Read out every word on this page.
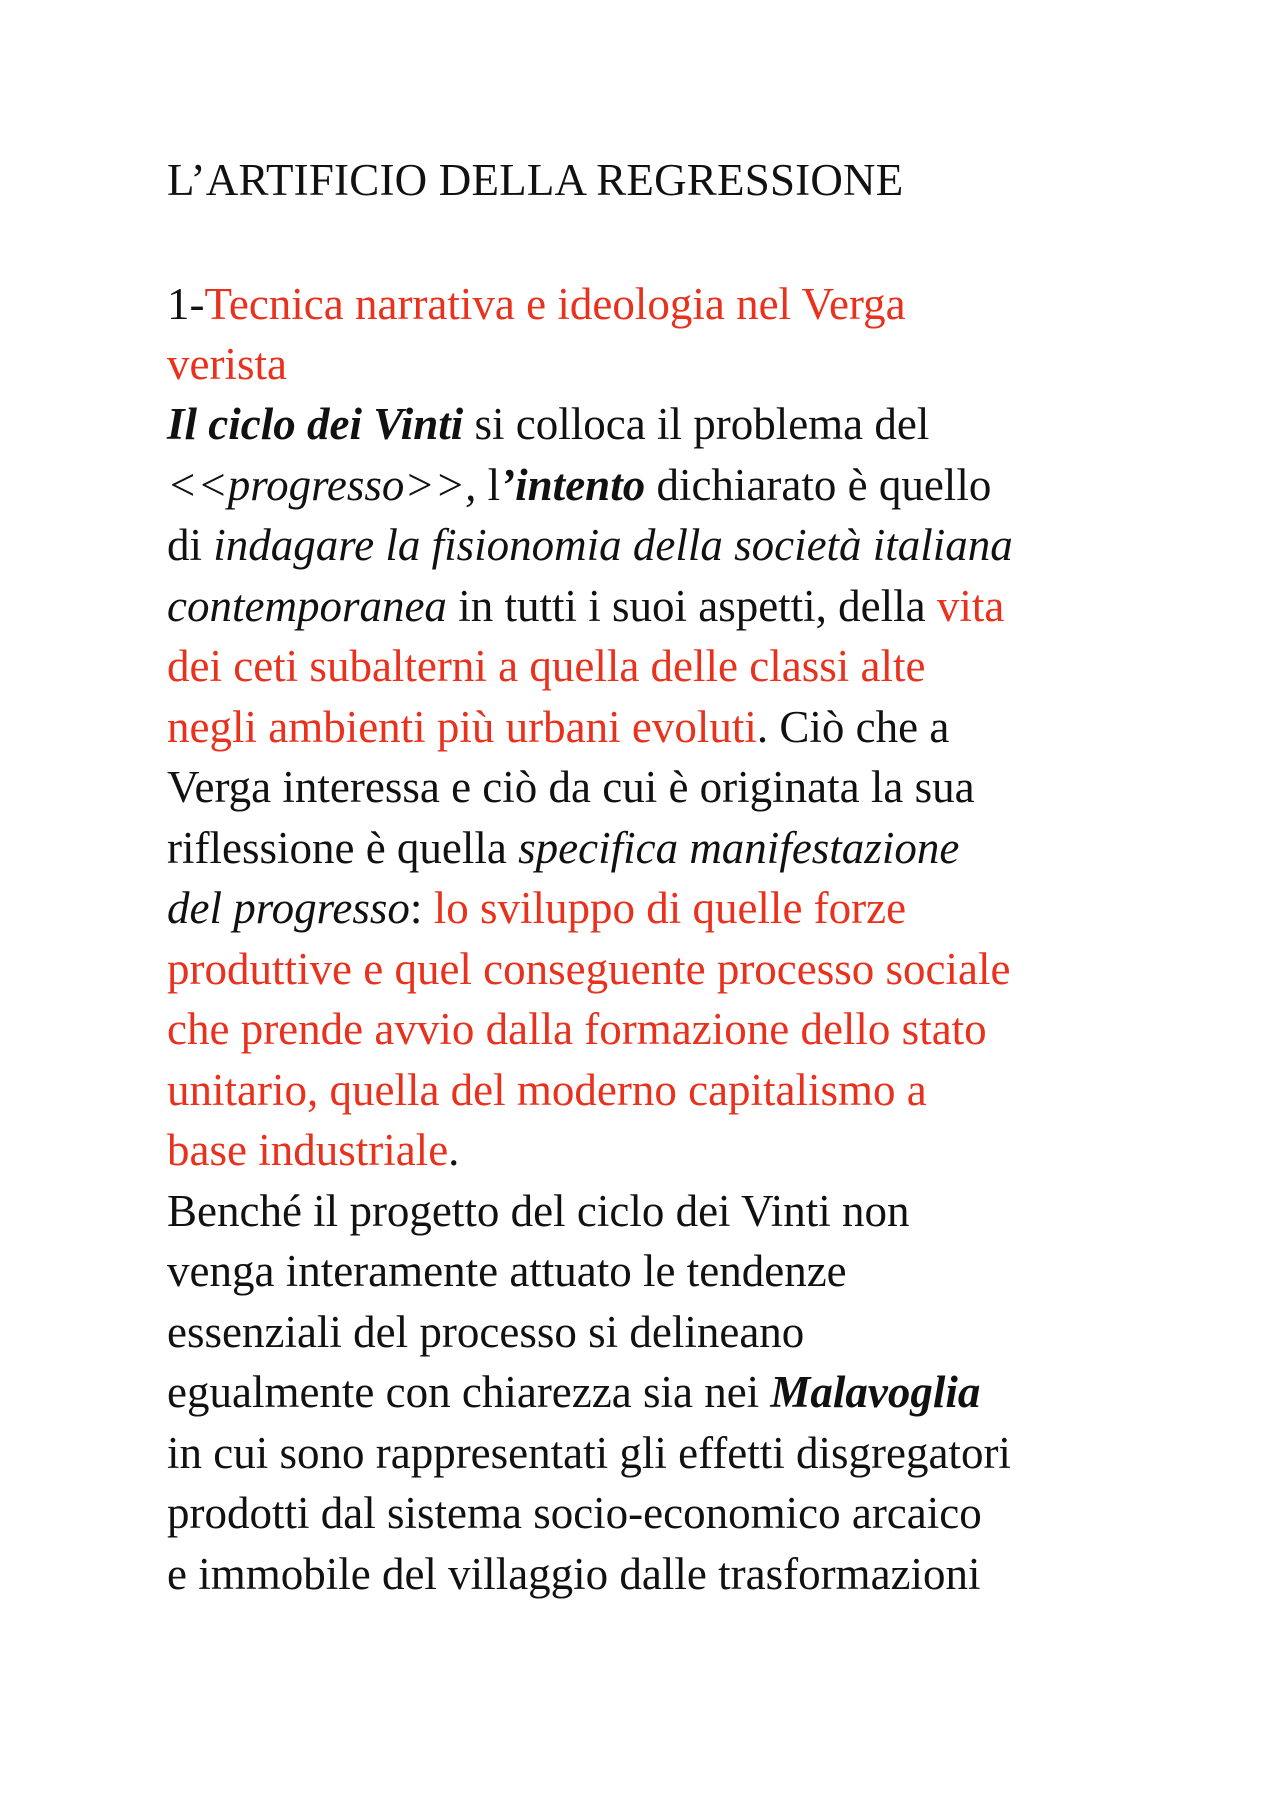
L’ARTIFICIO DELLA REGRESSIONE
1-Tecnica narrativa e ideologia nel Verga
verista

Il ciclo dei Vinti si colloca il problema del
<<progresso>>, l’intento dichiarato è quello
di indagare la fisionomia della società italiana
contemporanea in tutti i suoi aspetti, della vita
dei ceti subalterni a quella delle classi alte
negli ambienti più urbani evoluti. Ciò che a
Verga interessa e ciò da cui è originata la sua
riflessione è quella specifica manifestazione
del progresso: lo sviluppo di quelle forze
produttive e quel conseguente processo sociale
che prende avvio dalla formazione dello stato
unitario, quella del moderno capitalismo a
base industriale.

Benché il progetto del ciclo dei Vinti non
venga interamente attuato le tendenze
essenziali del processo si delineano
egualmente con chiarezza sia nei Malavoglia
in cui sono rappresentati gli effetti disgregatori
prodotti dal sistema socio-economico arcaico
e immobile del villaggio dalle trasformazioni
